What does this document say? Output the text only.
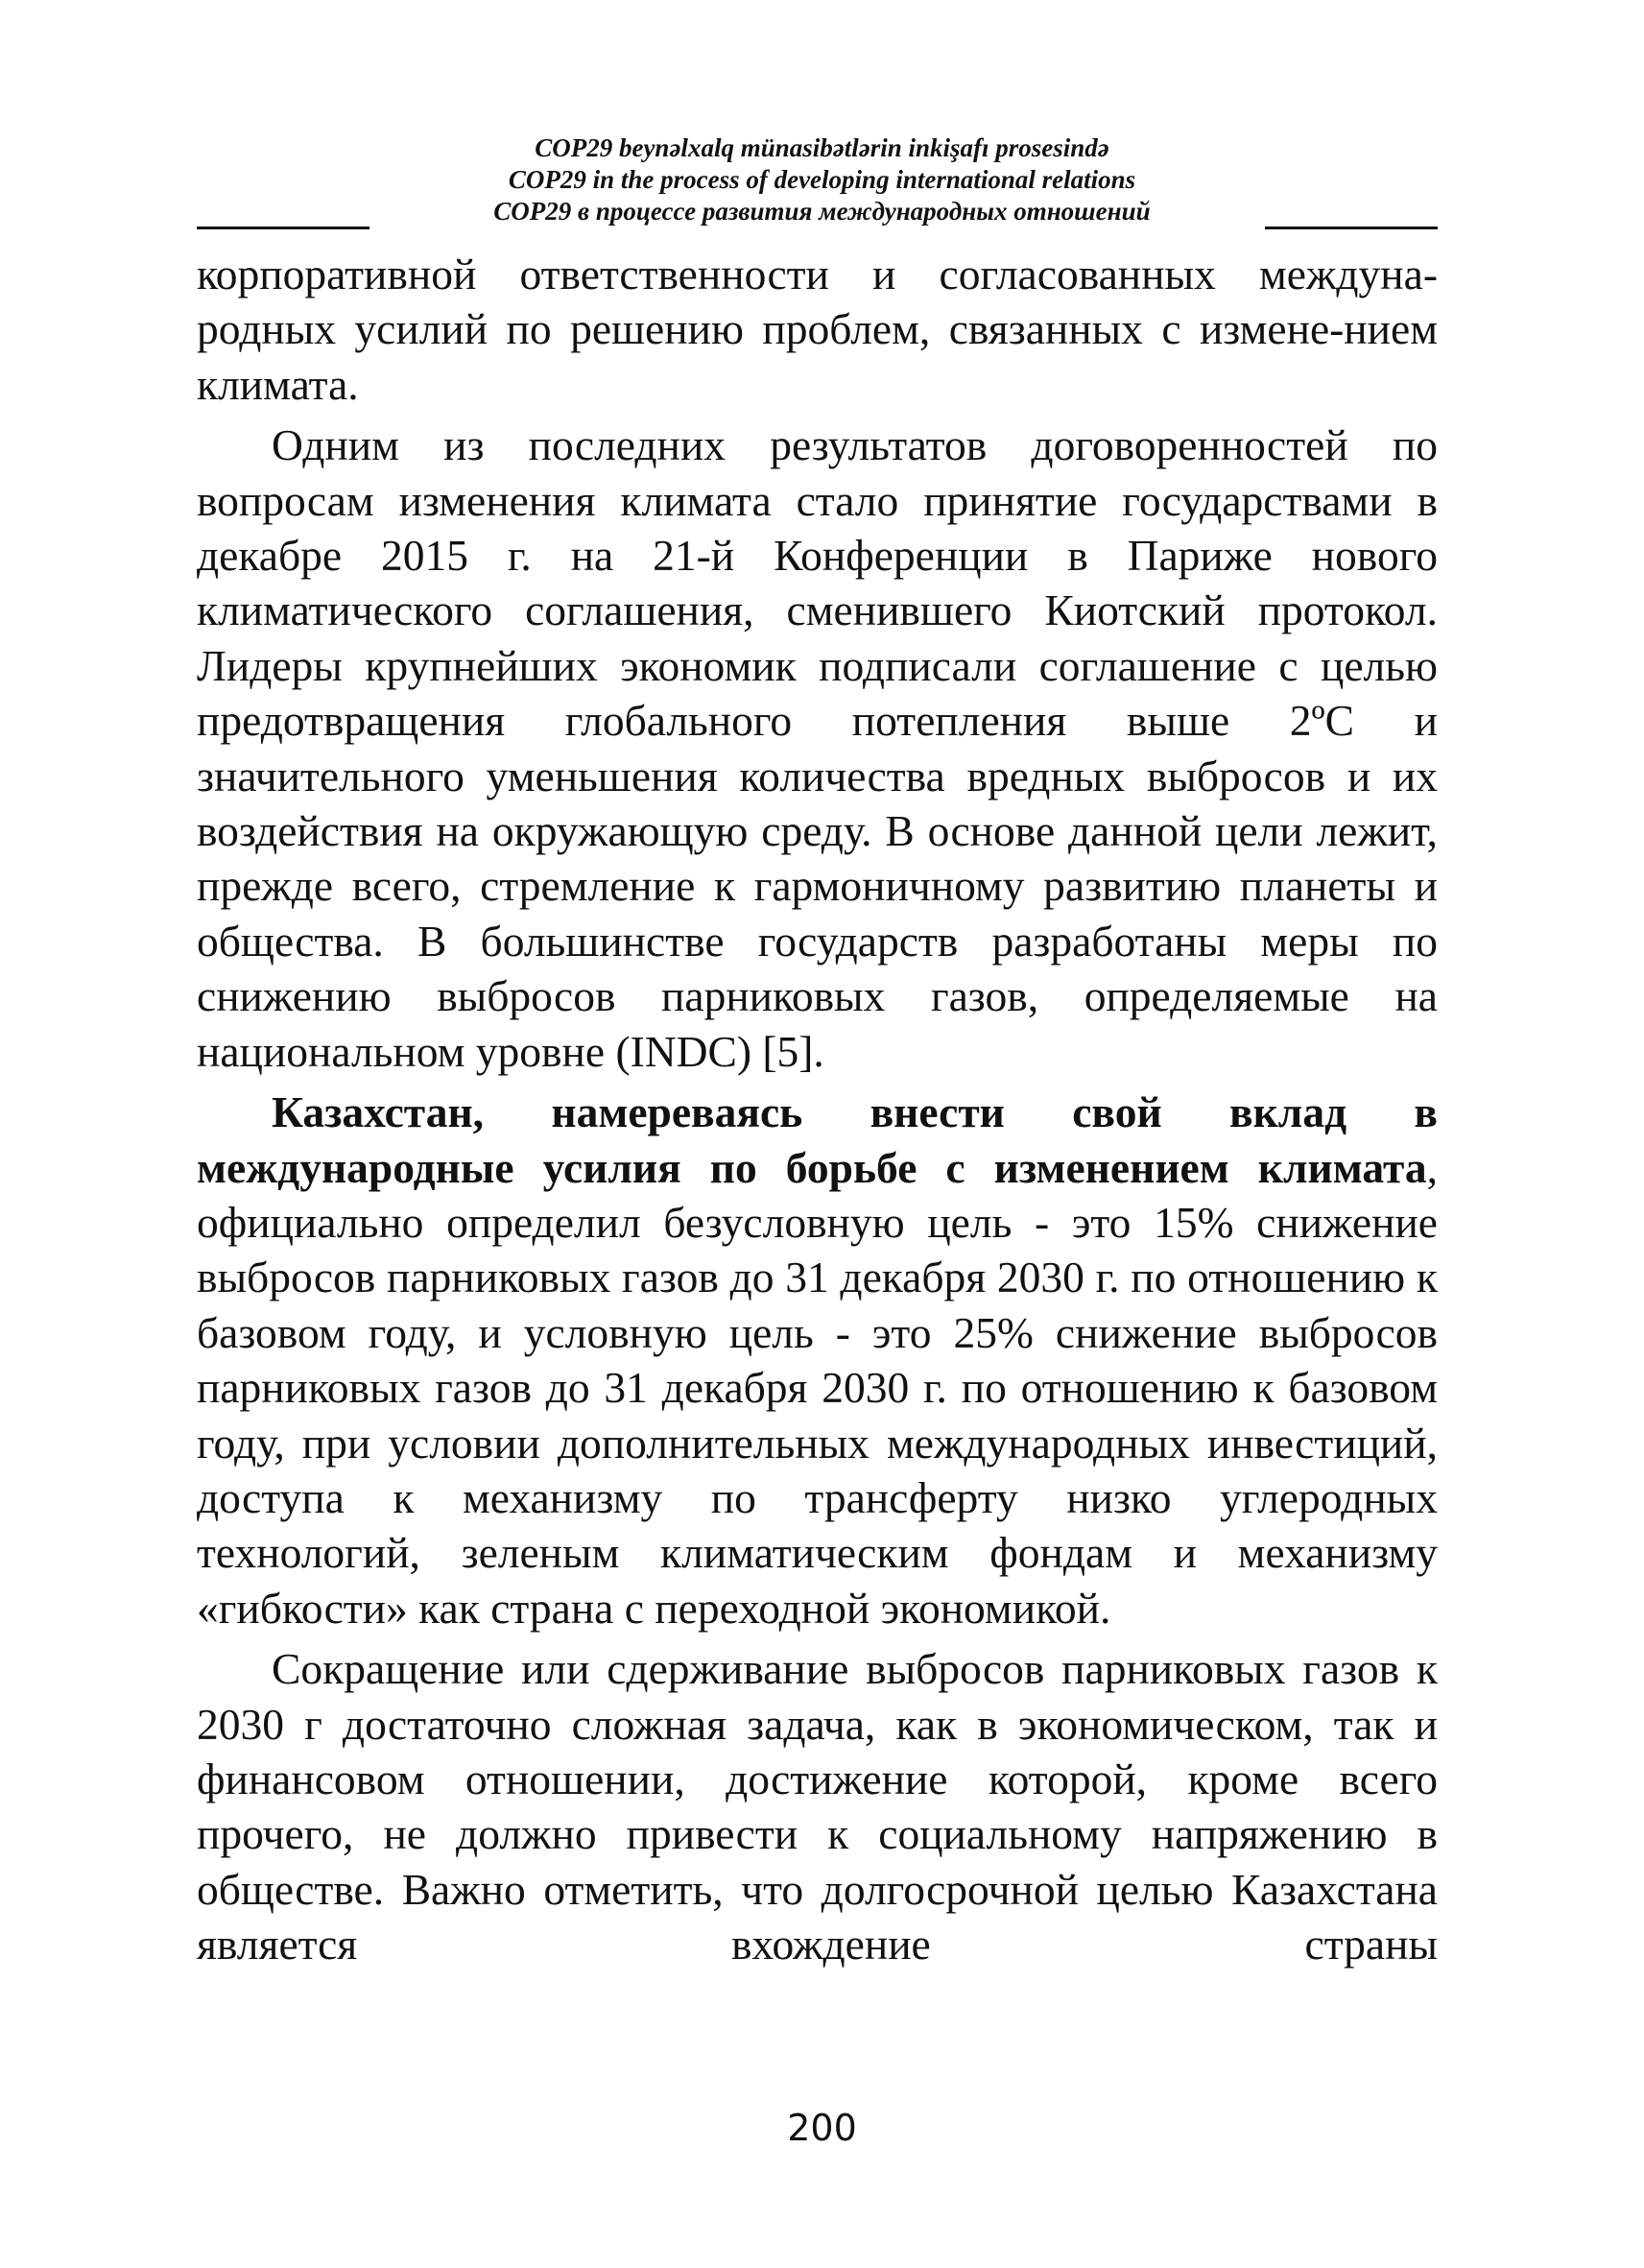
COP29 beynəlxalq münasibətlərin inkişafı prosesində
COP29 in the process of developing international relations
COP29 в процессе развития международных отношений

корпоративной ответственности и согласованных междуна-родных усилий по решению проблем, связанных с измене-нием климата.

Одним из последних результатов договоренностей по вопросам изменения климата стало принятие государствами в декабре 2015 г. на 21-й Конференции в Париже нового климатического соглашения, сменившего Киотский протокол. Лидеры крупнейших экономик подписали соглашение с целью предотвращения глобального потепления выше 2ºС и значительного уменьшения количества вредных выбросов и их воздействия на окружающую среду. В основе данной цели лежит, прежде всего, стремление к гармоничному развитию планеты и общества. В большинстве государств разработаны меры по снижению выбросов парниковых газов, определяемые на национальном уровне (INDC) [5].

Казахстан, намереваясь внести свой вклад в международные усилия по борьбе с изменением климата, официально определил безусловную цель - это 15% снижение выбросов парниковых газов до 31 декабря 2030 г. по отношению к базовом году, и условную цель - это 25% снижение выбросов парниковых газов до 31 декабря 2030 г. по отношению к базовом году, при условии дополнительных международных инвестиций, доступа к механизму по трансферту низко углеродных технологий, зеленым климатическим фондам и механизму «гибкости» как страна с переходной экономикой.

Сокращение или сдерживание выбросов парниковых газов к 2030 г достаточно сложная задача, как в экономическом, так и финансовом отношении, достижение которой, кроме всего прочего, не должно привести к социальному напряжению в обществе. Важно отметить, что долгосрочной целью Казахстана является вхождение страны

200
